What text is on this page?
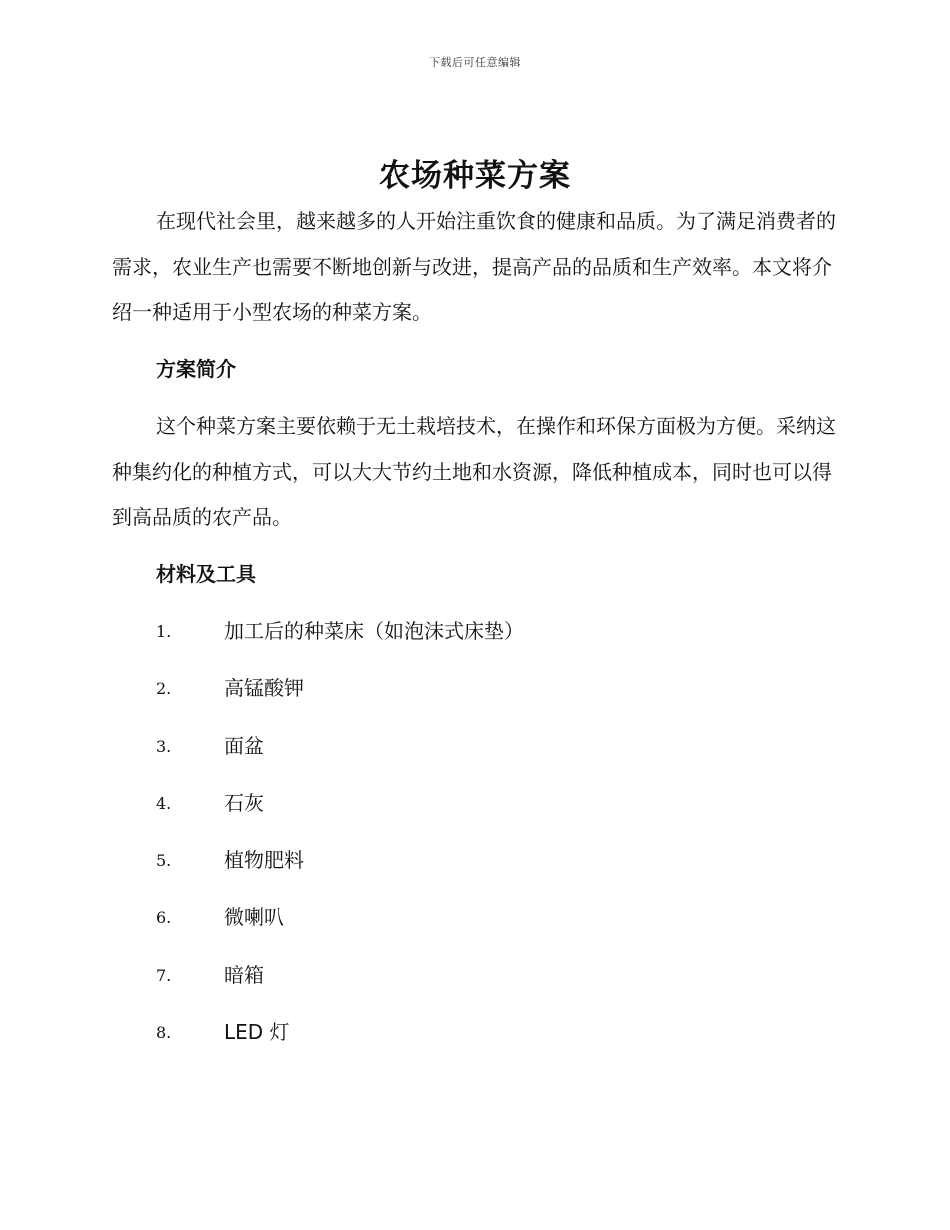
下载后可任意编辑
农场种菜方案

在现代社会里，越来越多的人开始注重饮食的健康和品质。为了满足消费者的需求，农业生产也需要不断地创新与改进，提高产品的品质和生产效率。本文将介绍一种适用于小型农场的种菜方案。

方案简介

这个种菜方案主要依赖于无土栽培技术，在操作和环保方面极为方便。采纳这种集约化的种植方式，可以大大节约土地和水资源，降低种植成本，同时也可以得到高品质的农产品。

材料及工具
1.	加工后的种菜床（如泡沫式床垫）
2.	高锰酸钾
3.	面盆
4.	石灰
5.	植物肥料
6.	微喇叭
7.	暗箱
8.	LED 灯
